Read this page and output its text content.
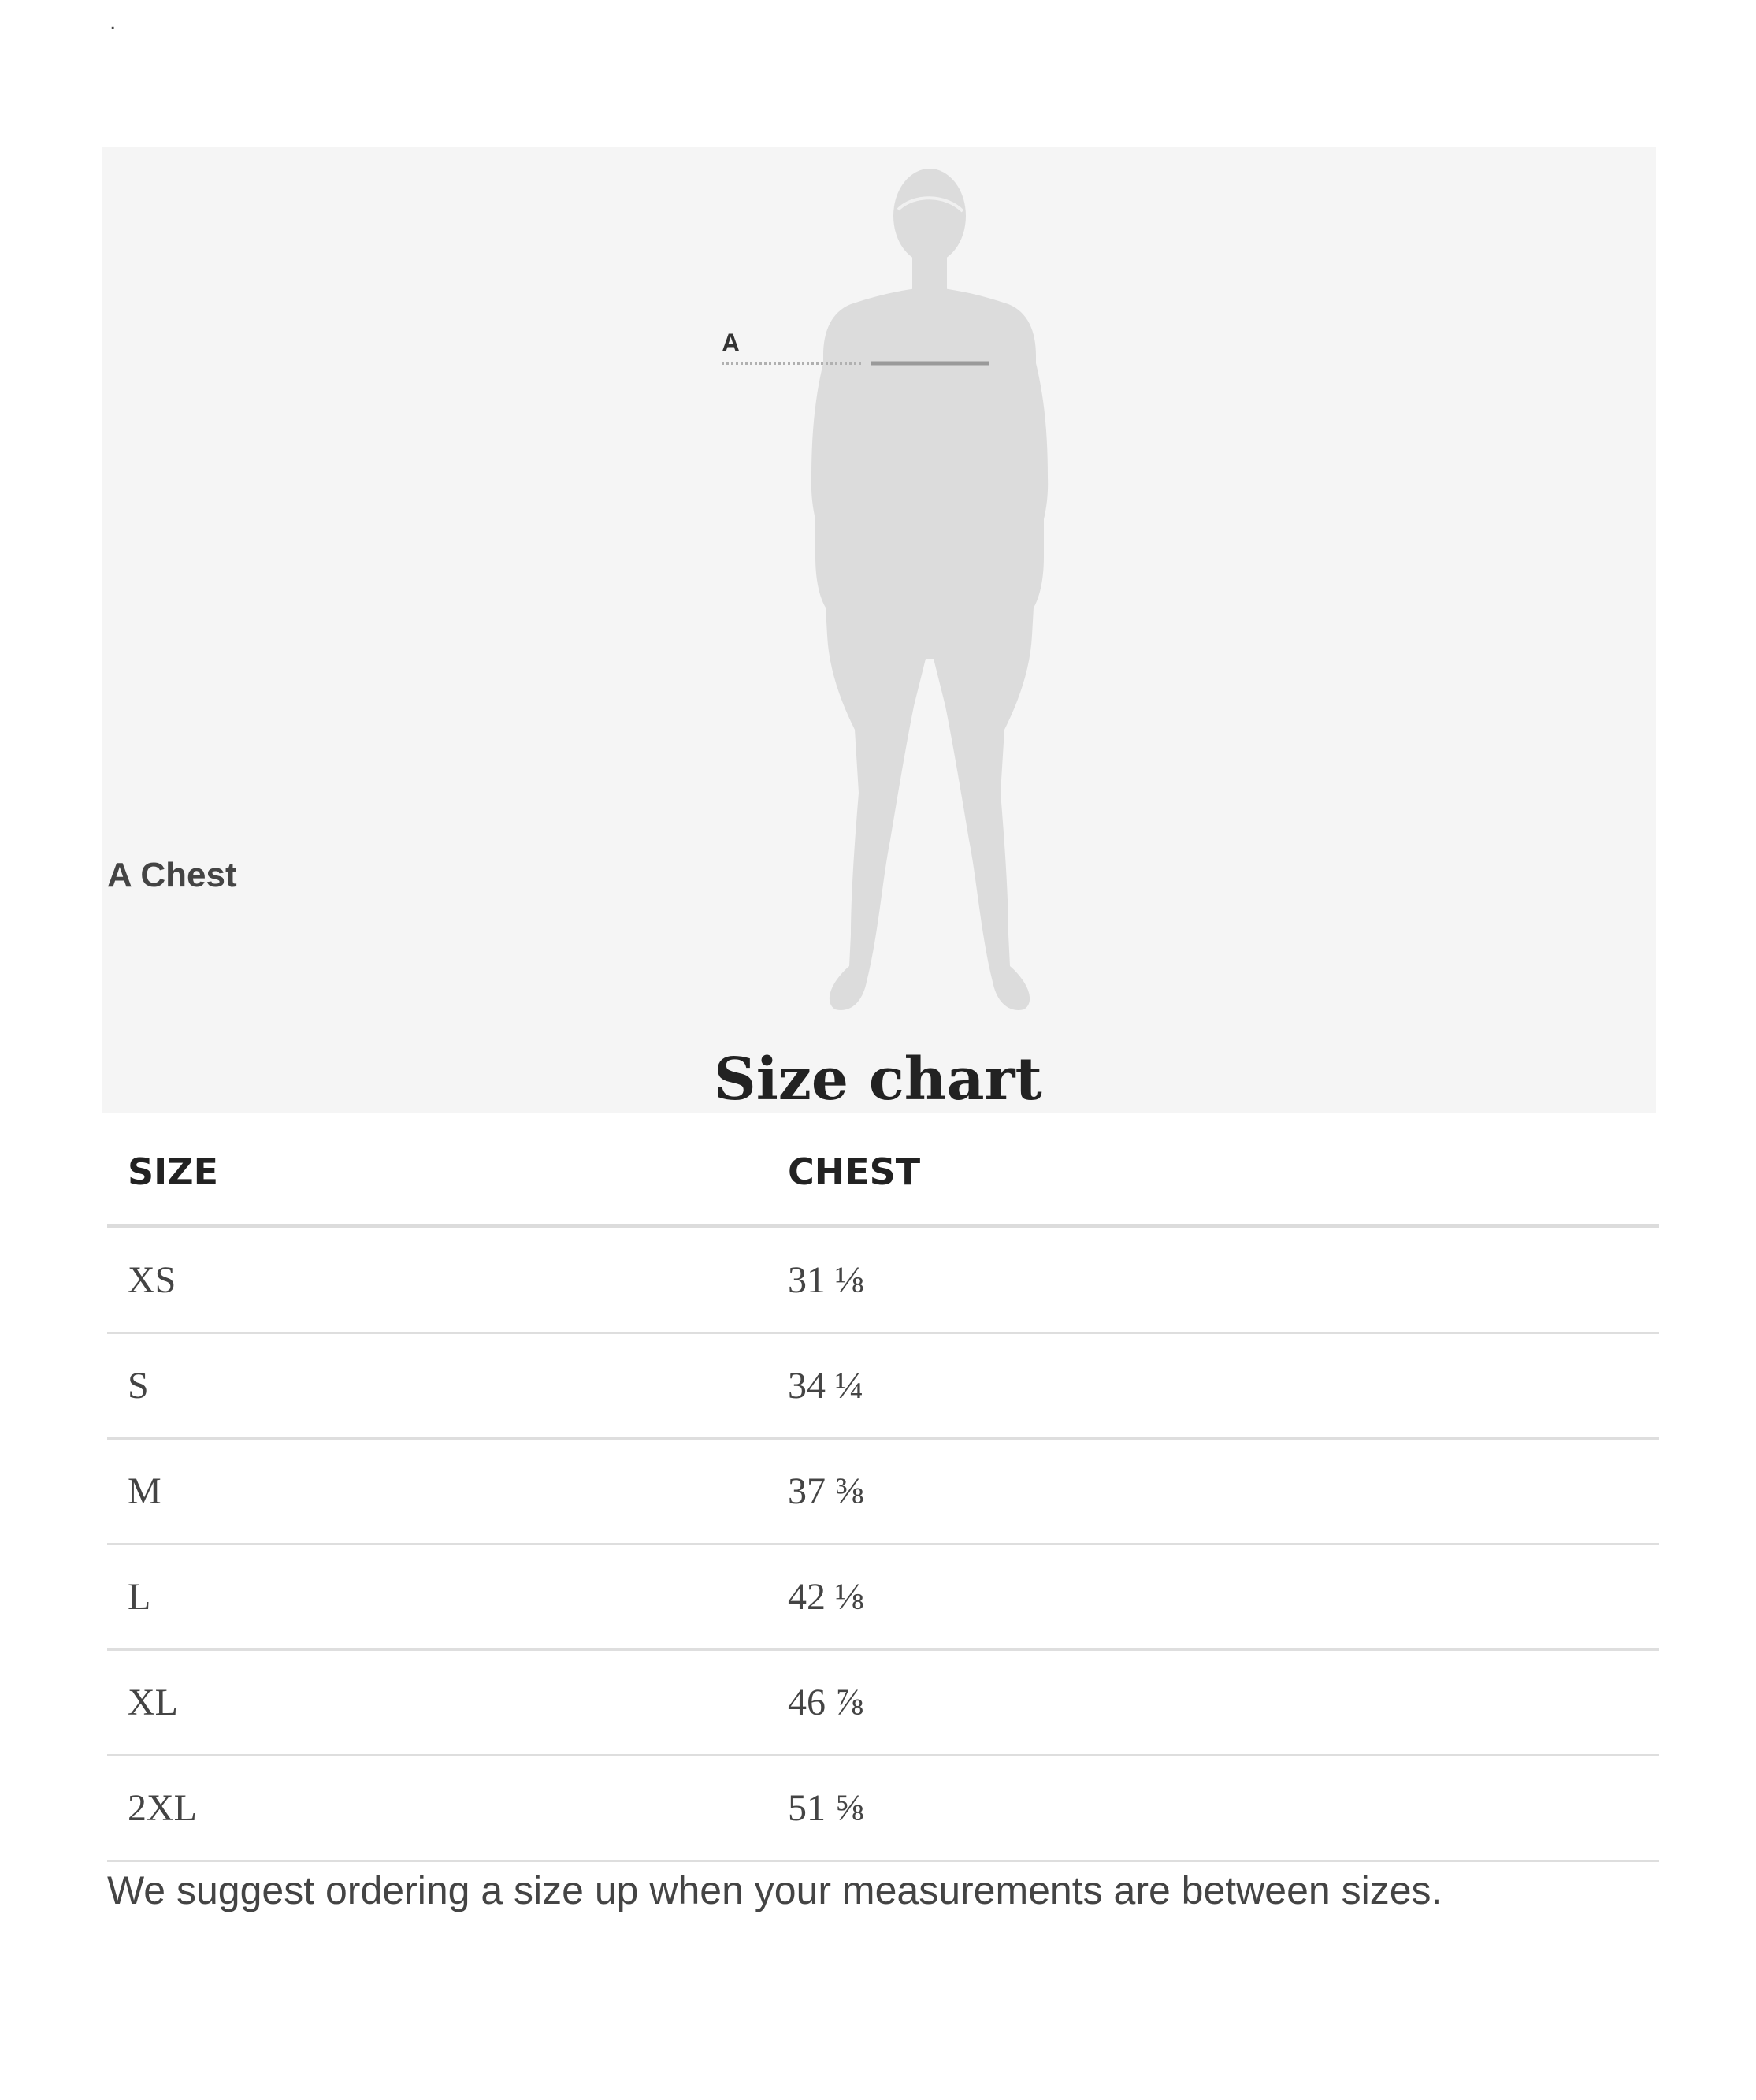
.
A
A Chest
Size chart
SIZE	CHEST
XS	31 ⅛
S	34 ¼
M	37 ⅜
L	42 ⅛
XL	46 ⅞
2XL	51 ⅝
We suggest ordering a size up when your measurements are between sizes.
